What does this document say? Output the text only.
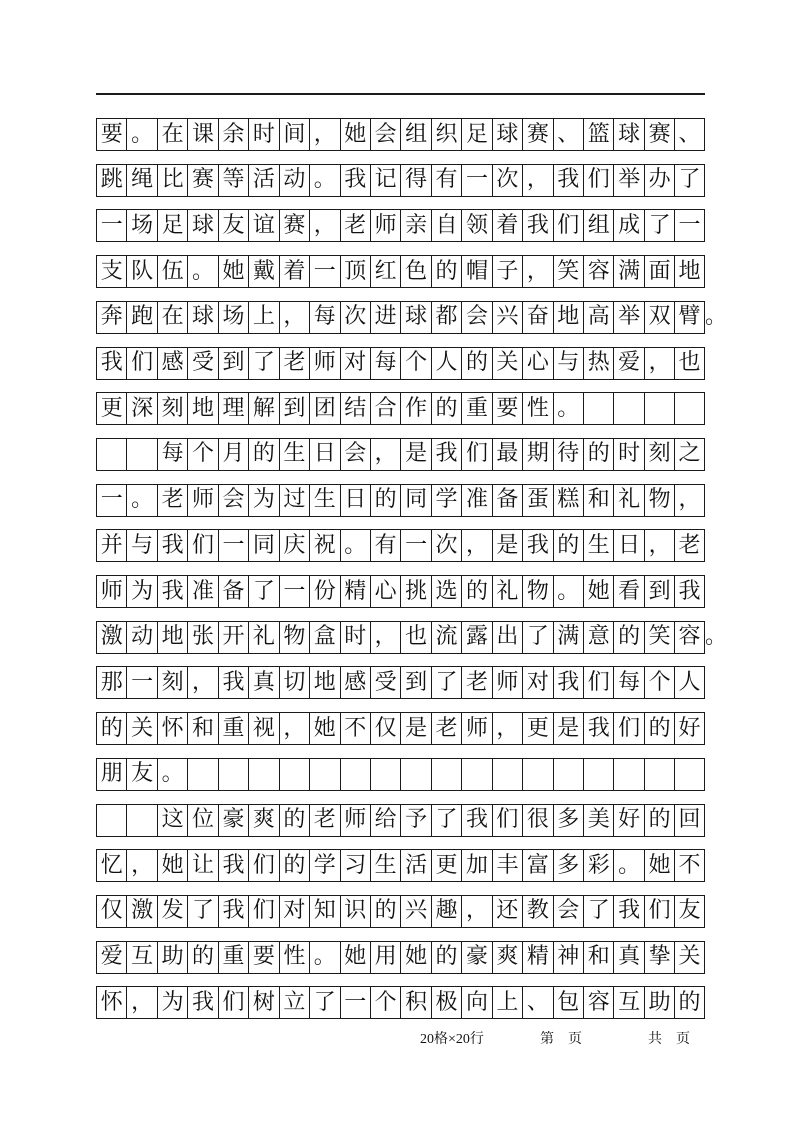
要 。 在 课 余 时 间 ， 她 会 组 织 足 球 赛 、 篮 球 赛 、
跳 绳 比 赛 等 活 动 。 我 记 得 有 一 次 ， 我 们 举 办 了
一 场 足 球 友 谊 赛 ， 老 师 亲 自 领 着 我 们 组 成 了 一
支 队 伍 。 她 戴 着 一 顶 红 色 的 帽 子 ， 笑 容 满 面 地
奔 跑 在 球 场 上 ， 每 次 进 球 都 会 兴 奋 地 高 举 双 臂 。
我 们 感 受 到 了 老 师 对 每 个 人 的 关 心 与 热 爱 ， 也
更 深 刻 地 理 解 到 团 结 合 作 的 重 要 性 。
每 个 月 的 生 日 会 ， 是 我 们 最 期 待 的 时 刻 之
一 。 老 师 会 为 过 生 日 的 同 学 准 备 蛋 糕 和 礼 物 ，
并 与 我 们 一 同 庆 祝 。 有 一 次 ， 是 我 的 生 日 ， 老
师 为 我 准 备 了 一 份 精 心 挑 选 的 礼 物 。 她 看 到 我
激 动 地 张 开 礼 物 盒 时 ， 也 流 露 出 了 满 意 的 笑 容 。
那 一 刻 ， 我 真 切 地 感 受 到 了 老 师 对 我 们 每 个 人
的 关 怀 和 重 视 ， 她 不 仅 是 老 师 ， 更 是 我 们 的 好
朋 友 。
这 位 豪 爽 的 老 师 给 予 了 我 们 很 多 美 好 的 回
忆 ， 她 让 我 们 的 学 习 生 活 更 加 丰 富 多 彩 。 她 不
仅 激 发 了 我 们 对 知 识 的 兴 趣 ， 还 教 会 了 我 们 友
爱 互 助 的 重 要 性 。 她 用 她 的 豪 爽 精 神 和 真 挚 关
怀 ， 为 我 们 树 立 了 一 个 积 极 向 上 、 包 容 互 助 的
20格×20行	第　页	共　页
